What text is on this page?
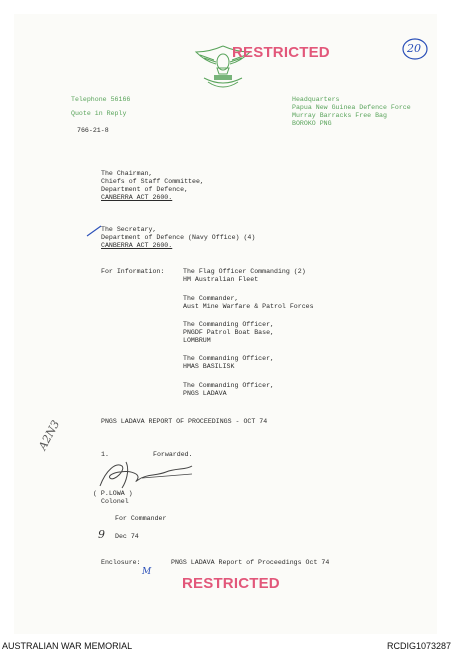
RESTRICTED	20
Telephone 56166
Quote in Reply
766-21-8
Headquarters
Papua New Guinea Defence Force
Murray Barracks Free Bag
BOROKO PNG
The Chairman,
Chiefs of Staff Committee,
Department of Defence,
CANBERRA ACT 2600.
The Secretary,
Department of Defence (Navy Office) (4)
CANBERRA ACT 2600.
For Information:	The Flag Officer Commanding (2)
HM Australian Fleet
The Commander,
Aust Mine Warfare & Patrol Forces
The Commanding Officer,
PNGDF Patrol Boat Base,
LOMBRUM
The Commanding Officer,
HMAS BASILISK
The Commanding Officer,
PNGS LADAVA
PNGS LADAVA REPORT OF PROCEEDINGS - OCT 74
A2N3
1.	Forwarded.
( P.LOWA )
Colonel
For Commander
9 Dec 74
Enclosure:	PNGS LADAVA Report of Proceedings Oct 74
M
RESTRICTED
AUSTRALIAN WAR MEMORIAL	RCDIG1073287
